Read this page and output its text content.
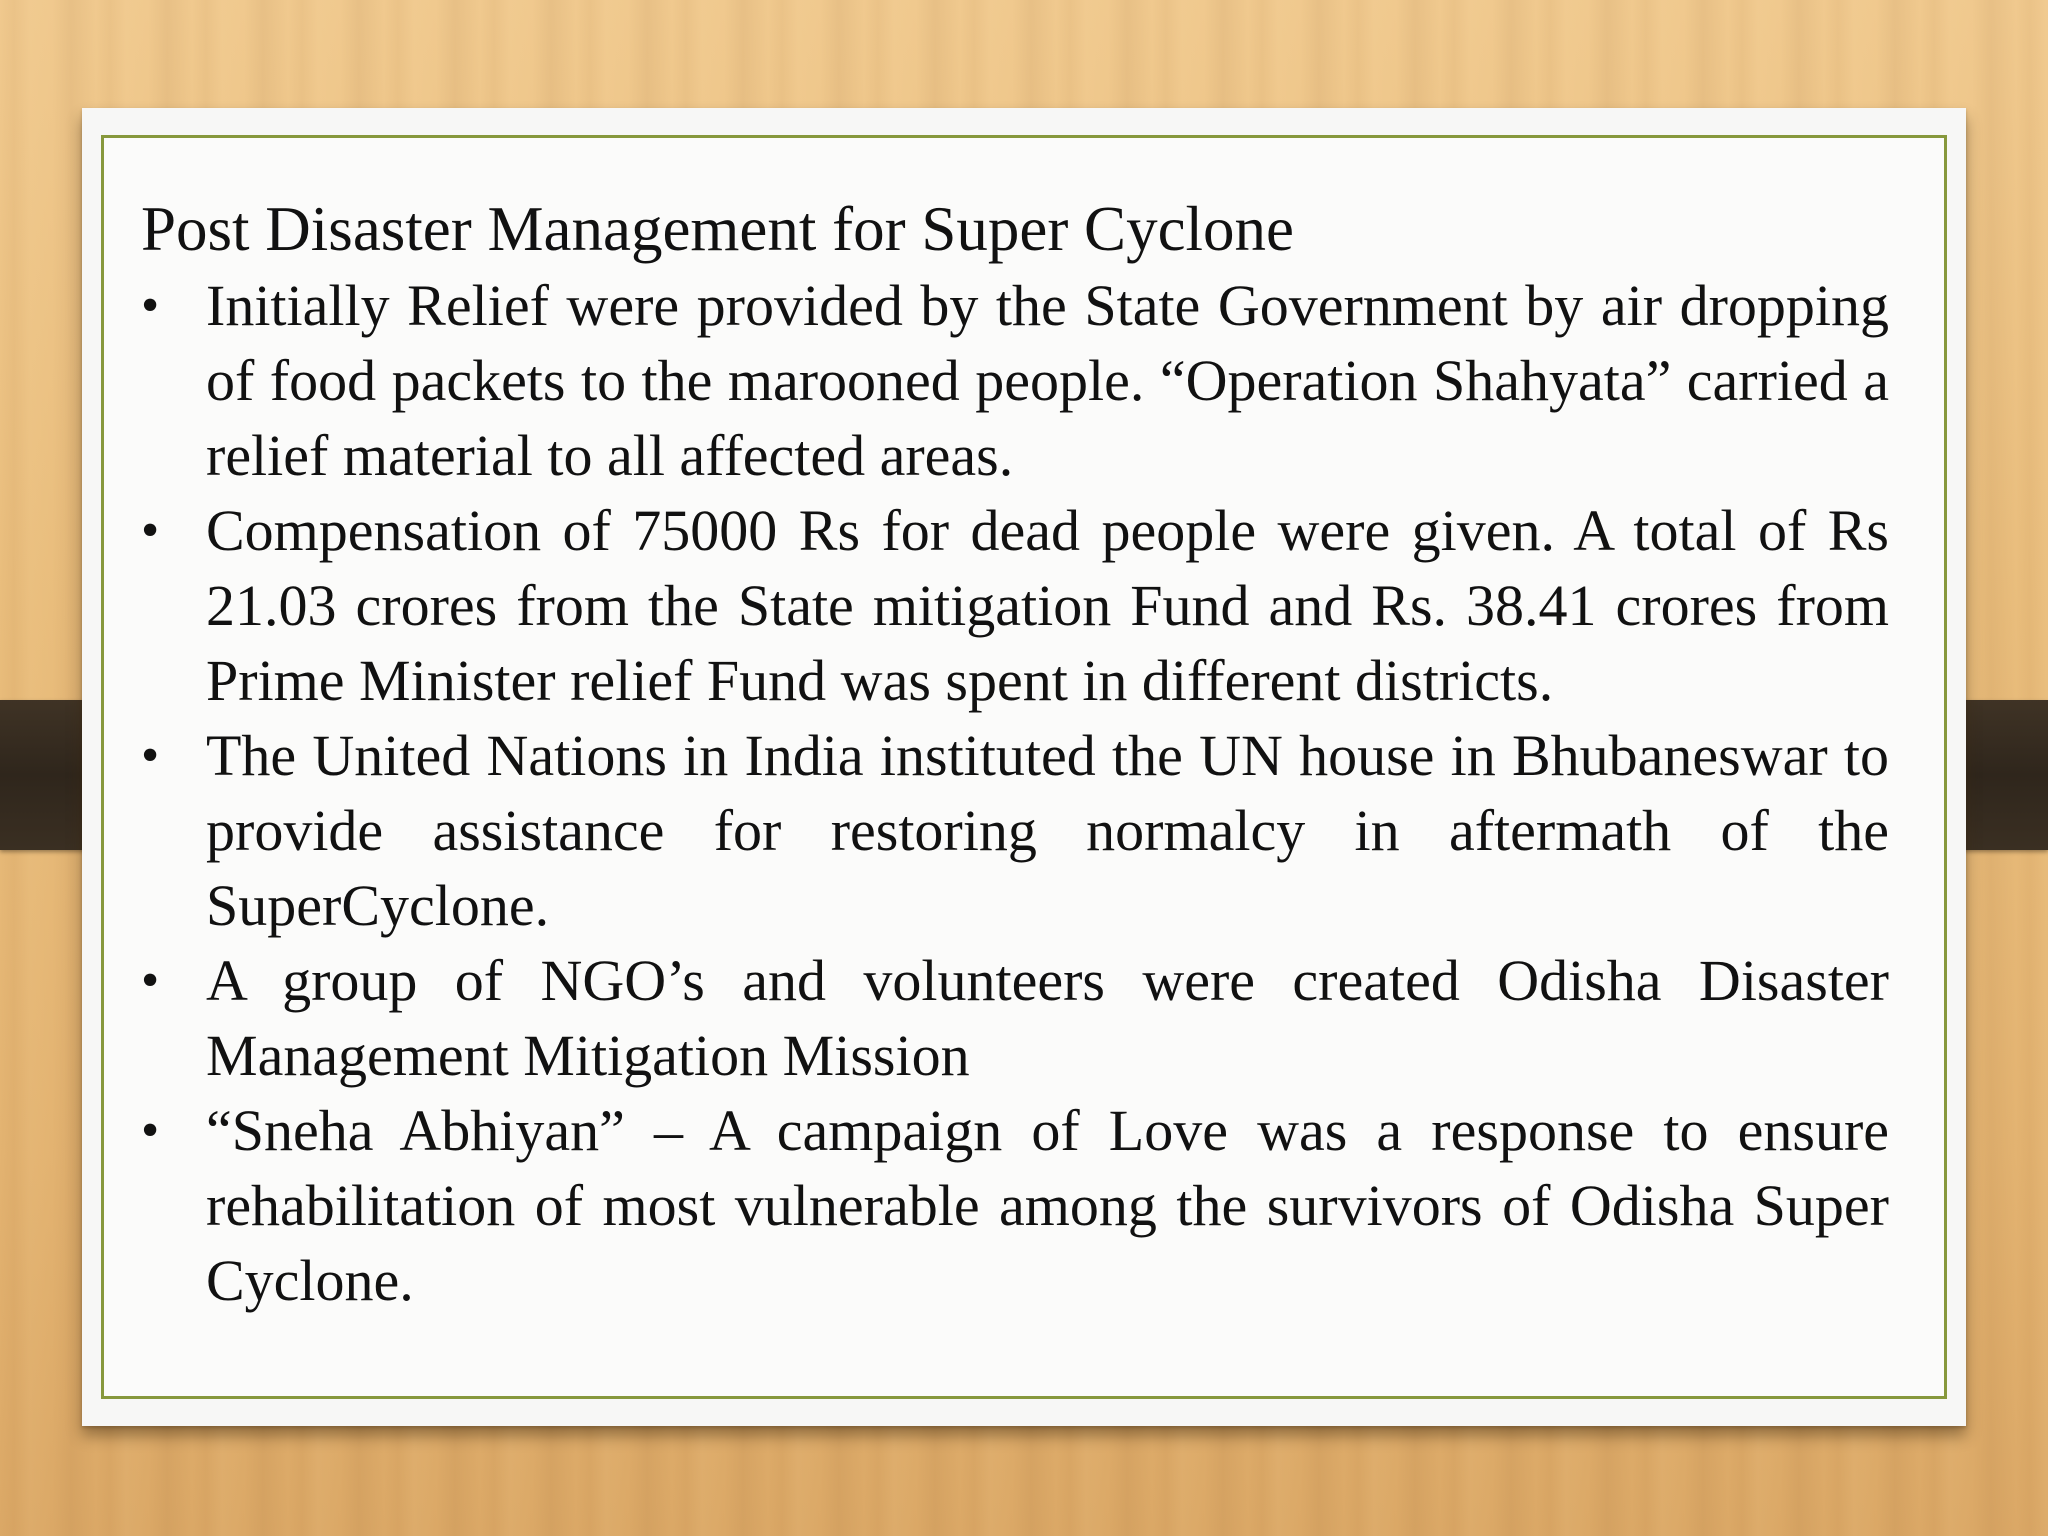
Post Disaster Management for Super Cyclone
• Initially Relief were provided by the State Government by air dropping of food packets to the marooned people. “Operation Shahyata” carried a relief material to all affected areas.
• Compensation of 75000 Rs for dead people were given. A total of Rs 21.03 crores from the State mitigation Fund and Rs. 38.41 crores from Prime Minister relief Fund was spent in different districts.
• The United Nations in India instituted the UN house in Bhubaneswar to provide assistance for restoring normalcy in aftermath of the SuperCyclone.
• A group of NGO’s and volunteers were created Odisha Disaster Management Mitigation Mission
• “Sneha Abhiyan” – A campaign of Love was a response to ensure rehabilitation of most vulnerable among the survivors of Odisha Super Cyclone.
